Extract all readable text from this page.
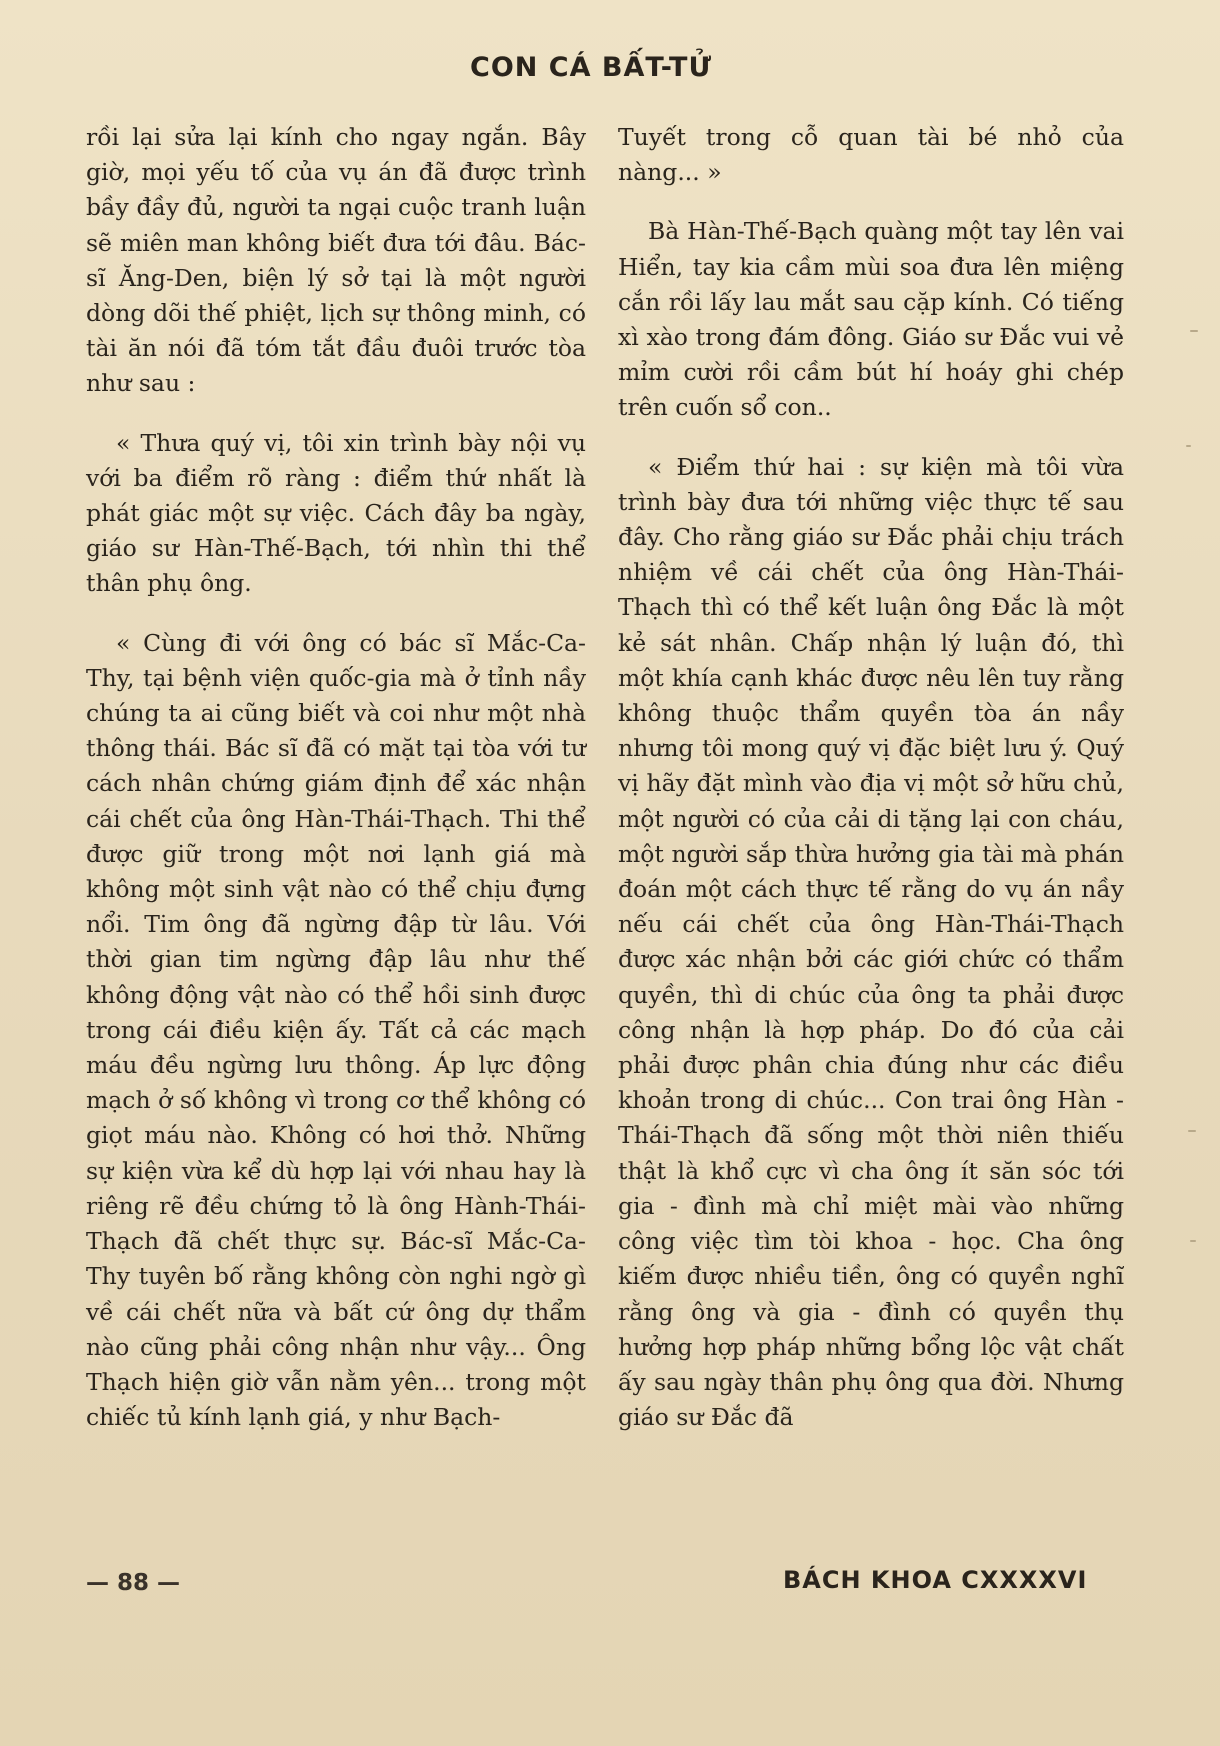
CON CÁ BẤT-TỬ

rồi lại sửa lại kính cho ngay ngắn. Bây giờ, mọi yếu tố của vụ án đã được trình bầy đầy đủ, người ta ngại cuộc tranh luận sẽ miên man không biết đưa tới đâu. Bác-sĩ Ăng-Den, biện lý sở tại là một người dòng dõi thế phiệt, lịch sự thông minh, có tài ăn nói đã tóm tắt đầu đuôi trước tòa như sau :

« Thưa quý vị, tôi xin trình bày nội vụ với ba điểm rõ ràng : điểm thứ nhất là phát giác một sự việc. Cách đây ba ngày, giáo sư Hàn-Thế-Bạch, tới nhìn thi thể thân phụ ông.

« Cùng đi với ông có bác sĩ Mắc-Ca-Thy, tại bệnh viện quốc-gia mà ở tỉnh nầy chúng ta ai cũng biết và coi như một nhà thông thái. Bác sĩ đã có mặt tại tòa với tư cách nhân chứng giám định để xác nhận cái chết của ông Hàn-Thái-Thạch. Thi thể được giữ trong một nơi lạnh giá mà không một sinh vật nào có thể chịu đựng nổi. Tim ông đã ngừng đập từ lâu. Với thời gian tim ngừng đập lâu như thế không động vật nào có thể hồi sinh được trong cái điều kiện ấy. Tất cả các mạch máu đều ngừng lưu thông. Áp lực động mạch ở số không vì trong cơ thể không có giọt máu nào. Không có hơi thở. Những sự kiện vừa kể dù hợp lại với nhau hay là riêng rẽ đều chứng tỏ là ông Hành-Thái-Thạch đã chết thực sự. Bác-sĩ Mắc-Ca-Thy tuyên bố rằng không còn nghi ngờ gì về cái chết nữa và bất cứ ông dự thẩm nào cũng phải công nhận như vậy... Ông Thạch hiện giờ vẫn nằm yên... trong một chiếc tủ kính lạnh giá, y như Bạch-

Tuyết trong cỗ quan tài bé nhỏ của nàng... »

Bà Hàn-Thế-Bạch quàng một tay lên vai Hiển, tay kia cầm mùi soa đưa lên miệng cắn rồi lấy lau mắt sau cặp kính. Có tiếng xì xào trong đám đông. Giáo sư Đắc vui vẻ mỉm cười rồi cầm bút hí hoáy ghi chép trên cuốn sổ con..

« Điểm thứ hai : sự kiện mà tôi vừa trình bày đưa tới những việc thực tế sau đây. Cho rằng giáo sư Đắc phải chịu trách nhiệm về cái chết của ông Hàn-Thái-Thạch thì có thể kết luận ông Đắc là một kẻ sát nhân. Chấp nhận lý luận đó, thì một khía cạnh khác được nêu lên tuy rằng không thuộc thẩm quyền tòa án nầy nhưng tôi mong quý vị đặc biệt lưu ý. Quý vị hãy đặt mình vào địa vị một sở hữu chủ, một người có của cải di tặng lại con cháu, một người sắp thừa hưởng gia tài mà phán đoán một cách thực tế rằng do vụ án nầy nếu cái chết của ông Hàn-Thái-Thạch được xác nhận bởi các giới chức có thẩm quyền, thì di chúc của ông ta phải được công nhận là hợp pháp. Do đó của cải phải được phân chia đúng như các điều khoản trong di chúc... Con trai ông Hàn - Thái-Thạch đã sống một thời niên thiếu thật là khổ cực vì cha ông ít săn sóc tới gia - đình mà chỉ miệt mài vào những công việc tìm tòi khoa - học. Cha ông kiếm được nhiều tiền, ông có quyền nghĩ rằng ông và gia - đình có quyền thụ hưởng hợp pháp những bổng lộc vật chất ấy sau ngày thân phụ ông qua đời. Nhưng giáo sư Đắc đã

— 88 —	BÁCH KHOA CXXXXVI
